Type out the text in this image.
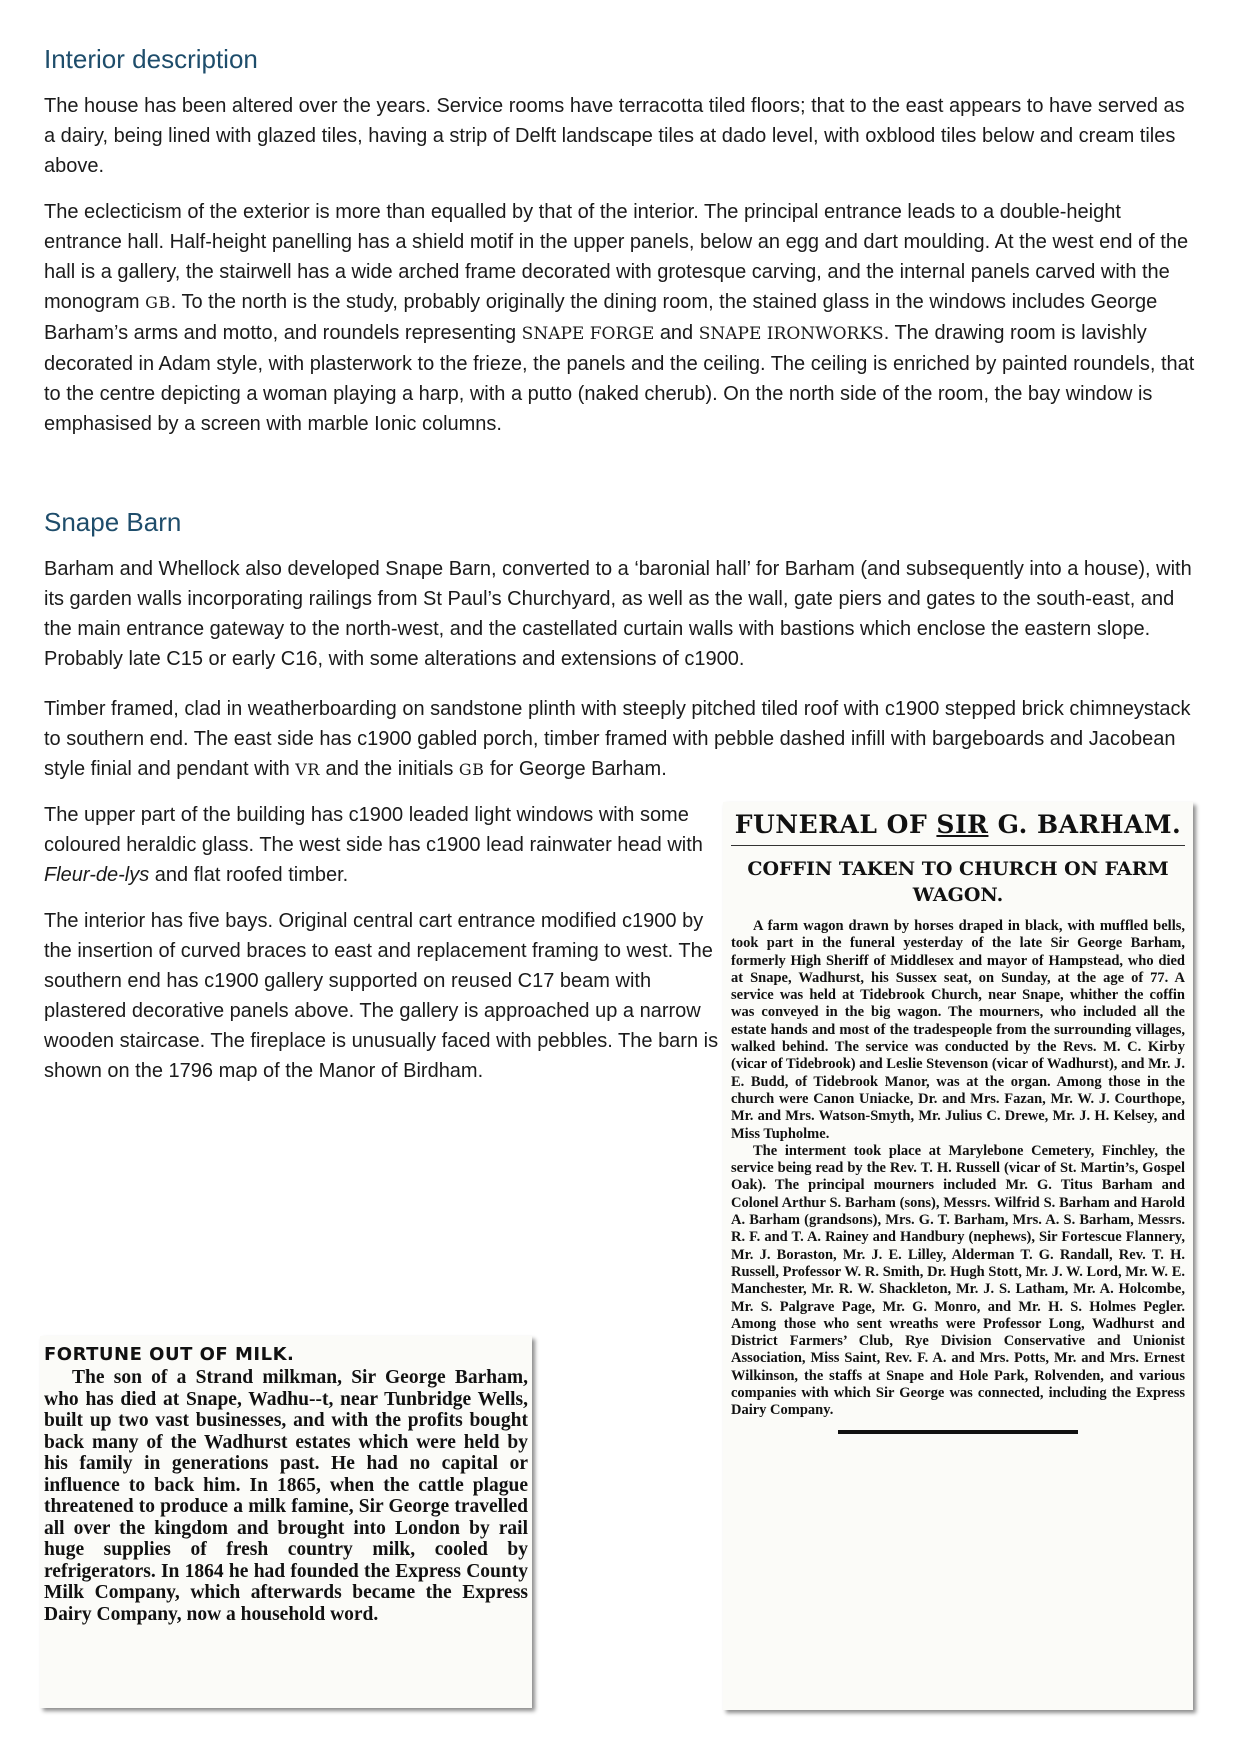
Interior description

The house has been altered over the years. Service rooms have terracotta tiled floors; that to the east appears to have served as a dairy, being lined with glazed tiles, having a strip of Delft landscape tiles at dado level, with oxblood tiles below and cream tiles above.

The eclecticism of the exterior is more than equalled by that of the interior. The principal entrance leads to a double-height entrance hall. Half-height panelling has a shield motif in the upper panels, below an egg and dart moulding. At the west end of the hall is a gallery, the stairwell has a wide arched frame decorated with grotesque carving, and the internal panels carved with the monogram GB. To the north is the study, probably originally the dining room, the stained glass in the windows includes George Barham’s arms and motto, and roundels representing SNAPE FORGE and SNAPE IRONWORKS. The drawing room is lavishly decorated in Adam style, with plasterwork to the frieze, the panels and the ceiling. The ceiling is enriched by painted roundels, that to the centre depicting a woman playing a harp, with a putto (naked cherub). On the north side of the room, the bay window is emphasised by a screen with marble Ionic columns.

Snape Barn

Barham and Whellock also developed Snape Barn, converted to a ‘baronial hall’ for Barham (and subsequently into a house), with its garden walls incorporating railings from St Paul’s Churchyard, as well as the wall, gate piers and gates to the south-east, and the main entrance gateway to the north-west, and the castellated curtain walls with bastions which enclose the eastern slope. Probably late C15 or early C16, with some alterations and extensions of c1900.

Timber framed, clad in weatherboarding on sandstone plinth with steeply pitched tiled roof with c1900 stepped brick chimneystack to southern end. The east side has c1900 gabled porch, timber framed with pebble dashed infill with bargeboards and Jacobean style finial and pendant with VR and the initials GB for George Barham.

The upper part of the building has c1900 leaded light windows with some coloured heraldic glass. The west side has c1900 lead rainwater head with Fleur-de-lys and flat roofed timber.

The interior has five bays. Original central cart entrance modified c1900 by the insertion of curved braces to east and replacement framing to west. The southern end has c1900 gallery supported on reused C17 beam with plastered decorative panels above. The gallery is approached up a narrow wooden staircase. The fireplace is unusually faced with pebbles. The barn is shown on the 1796 map of the Manor of Birdham.

FUNERAL OF SIR G. BARHAM.
COFFIN TAKEN TO CHURCH ON FARM WAGON.

A farm wagon drawn by horses draped in black, with muffled bells, took part in the funeral yesterday of the late Sir George Barham, formerly High Sheriff of Middlesex and mayor of Hampstead, who died at Snape, Wadhurst, his Sussex seat, on Sunday, at the age of 77. A service was held at Tidebrook Church, near Snape, whither the coffin was conveyed in the big wagon. The mourners, who included all the estate hands and most of the tradespeople from the surrounding villages, walked behind. The service was conducted by the Revs. M. C. Kirby (vicar of Tidebrook) and Leslie Stevenson (vicar of Wadhurst), and Mr. J. E. Budd, of Tidebrook Manor, was at the organ. Among those in the church were Canon Uniacke, Dr. and Mrs. Fazan, Mr. W. J. Courthope, Mr. and Mrs. Watson-Smyth, Mr. Julius C. Drewe, Mr. J. H. Kelsey, and Miss Tupholme.

The interment took place at Marylebone Cemetery, Finchley, the service being read by the Rev. T. H. Russell (vicar of St. Martin’s, Gospel Oak). The principal mourners included Mr. G. Titus Barham and Colonel Arthur S. Barham (sons), Messrs. Wilfrid S. Barham and Harold A. Barham (grandsons), Mrs. G. T. Barham, Mrs. A. S. Barham, Messrs. R. F. and T. A. Rainey and Handbury (nephews), Sir Fortescue Flannery, Mr. J. Boraston, Mr. J. E. Lilley, Alderman T. G. Randall, Rev. T. H. Russell, Professor W. R. Smith, Dr. Hugh Stott, Mr. J. W. Lord, Mr. W. E. Manchester, Mr. R. W. Shackleton, Mr. J. S. Latham, Mr. A. Holcombe, Mr. S. Palgrave Page, Mr. G. Monro, and Mr. H. S. Holmes Pegler. Among those who sent wreaths were Professor Long, Wadhurst and District Farmers’ Club, Rye Division Conservative and Unionist Association, Miss Saint, Rev. F. A. and Mrs. Potts, Mr. and Mrs. Ernest Wilkinson, the staffs at Snape and Hole Park, Rolvenden, and various companies with which Sir George was connected, including the Express Dairy Company.

FORTUNE OUT OF MILK.

The son of a Strand milkman, Sir George Barham, who has died at Snape, Wadhu--t, near Tunbridge Wells, built up two vast businesses, and with the profits bought back many of the Wadhurst estates which were held by his family in generations past. He had no capital or influence to back him. In 1865, when the cattle plague threatened to produce a milk famine, Sir George travelled all over the kingdom and brought into London by rail huge supplies of fresh country milk, cooled by refrigerators. In 1864 he had founded the Express County Milk Company, which afterwards became the Express Dairy Company, now a household word.
